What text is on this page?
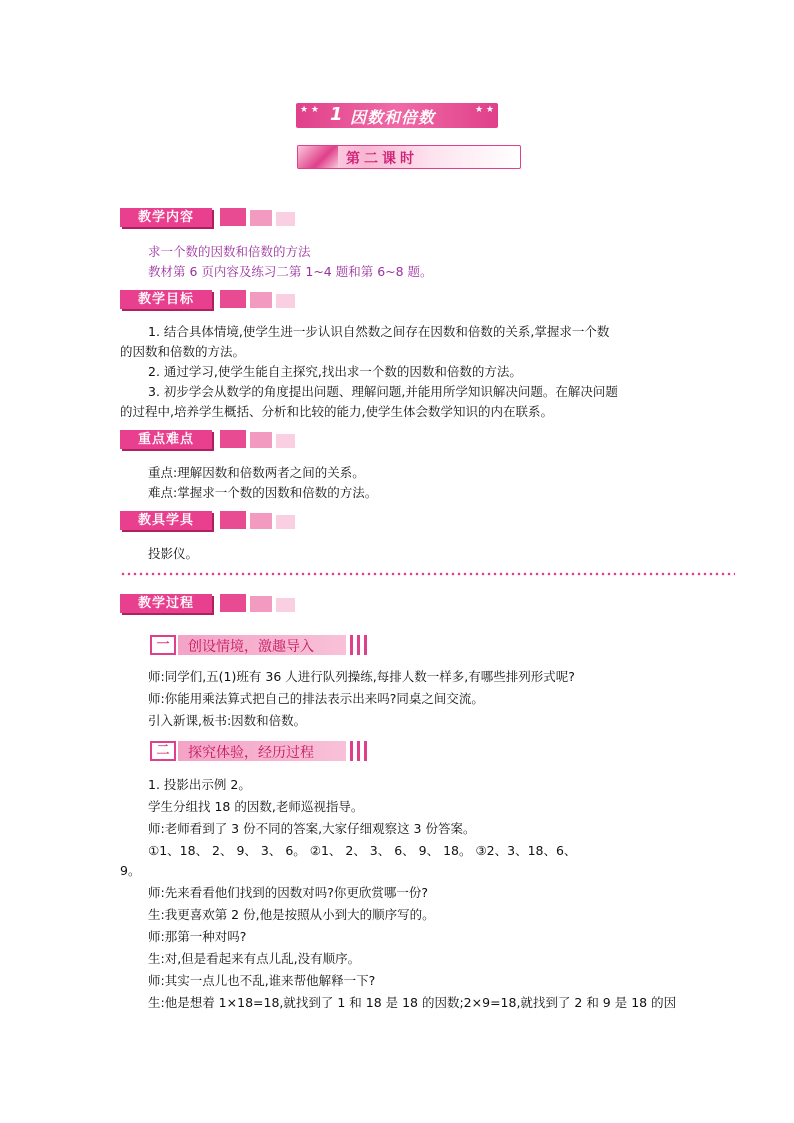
★ ★	★ ★
1 因数和倍数
第二课时
教学内容
求一个数的因数和倍数的方法
教材第 6 页内容及练习二第 1~4 题和第 6~8 题。
教学目标
1. 结合具体情境,使学生进一步认识自然数之间存在因数和倍数的关系,掌握求一个数
的因数和倍数的方法。
2. 通过学习,使学生能自主探究,找出求一个数的因数和倍数的方法。
3. 初步学会从数学的角度提出问题、理解问题,并能用所学知识解决问题。在解决问题
的过程中,培养学生概括、分析和比较的能力,使学生体会数学知识的内在联系。
重点难点
重点:理解因数和倍数两者之间的关系。
难点:掌握求一个数的因数和倍数的方法。
教具学具
投影仪。
教学过程
一	创设情境，激趣导入
师:同学们,五(1)班有 36 人进行队列操练,每排人数一样多,有哪些排列形式呢?
师:你能用乘法算式把自己的排法表示出来吗?同桌之间交流。
引入新课,板书:因数和倍数。
二	探究体验，经历过程
1. 投影出示例 2。
学生分组找 18 的因数,老师巡视指导。
师:老师看到了 3 份不同的答案,大家仔细观察这 3 份答案。
①1、18、 2、 9、 3、 6。 ②1、 2、 3、 6、 9、 18。 ③2、3、18、6、
9。
师:先来看看他们找到的因数对吗?你更欣赏哪一份?
生:我更喜欢第 2 份,他是按照从小到大的顺序写的。
师:那第一种对吗?
生:对,但是看起来有点儿乱,没有顺序。
师:其实一点儿也不乱,谁来帮他解释一下?
生:他是想着 1×18=18,就找到了 1 和 18 是 18 的因数;2×9=18,就找到了 2 和 9 是 18 的因
